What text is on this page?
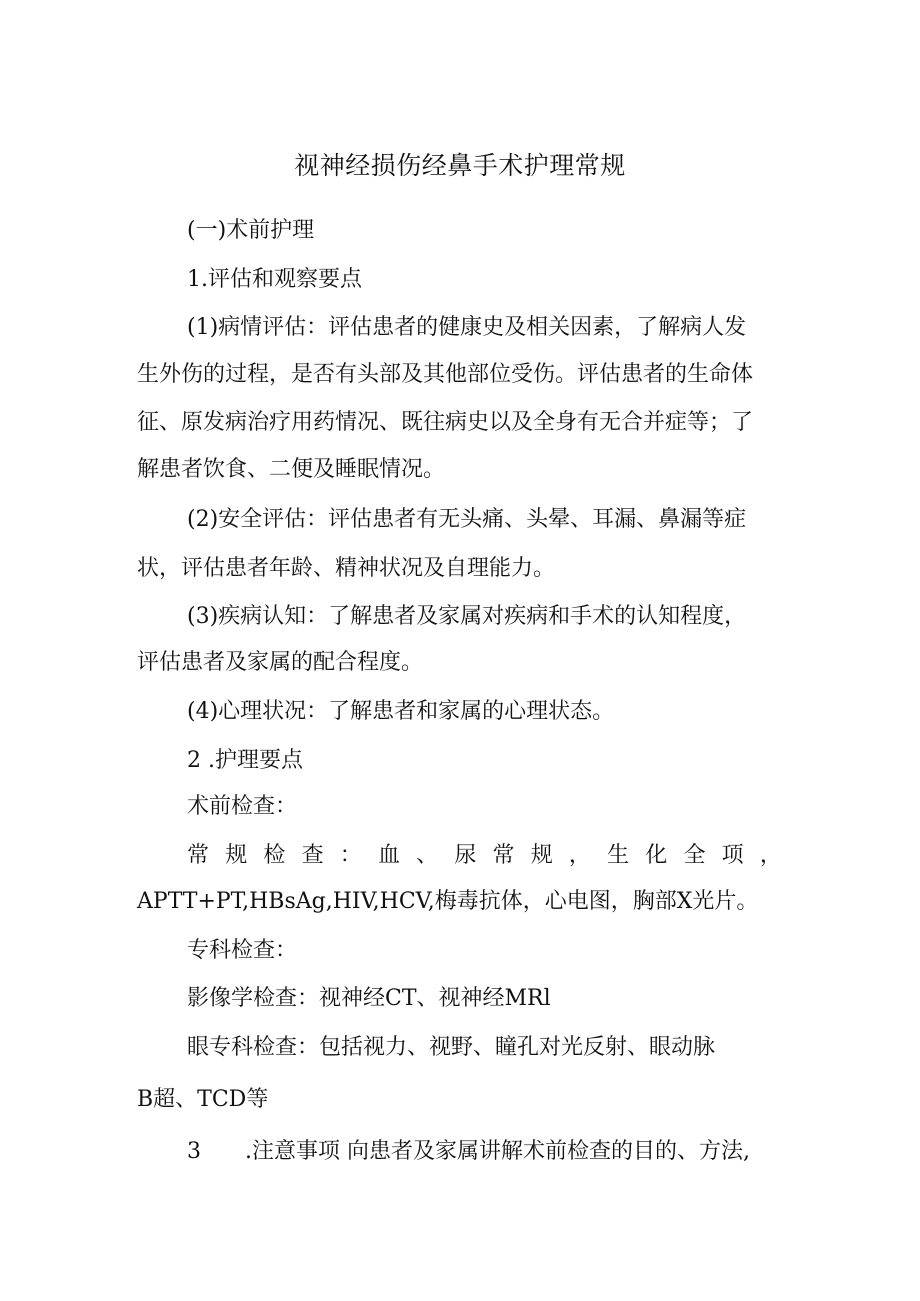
视神经损伤经鼻手术护理常规
(一)术前护理
1.评估和观察要点
(1)病情评估：评估患者的健康史及相关因素，了解病人发
生外伤的过程，是否有头部及其他部位受伤。评估患者的生命体
征、原发病治疗用药情况、既往病史以及全身有无合并症等；了
解患者饮食、二便及睡眠情况。
(2)安全评估：评估患者有无头痛、头晕、耳漏、鼻漏等症
状，评估患者年龄、精神状况及自理能力。
(3)疾病认知：了解患者及家属对疾病和手术的认知程度，
评估患者及家属的配合程度。
(4)心理状况：了解患者和家属的心理状态。
2 .护理要点
术前检查：
常 规 检 查 ： 血 、 尿 常 规 ， 生 化 全 项 ，
APTT+PT,HBsAg,HIV,HCV,梅毒抗体，心电图，胸部X光片。
专科检查：
影像学检查：视神经CT、视神经MRl
眼专科检查：包括视力、视野、瞳孔对光反射、眼动脉
B超、TCD等
3 .注意事项 向患者及家属讲解术前检查的目的、方法,
